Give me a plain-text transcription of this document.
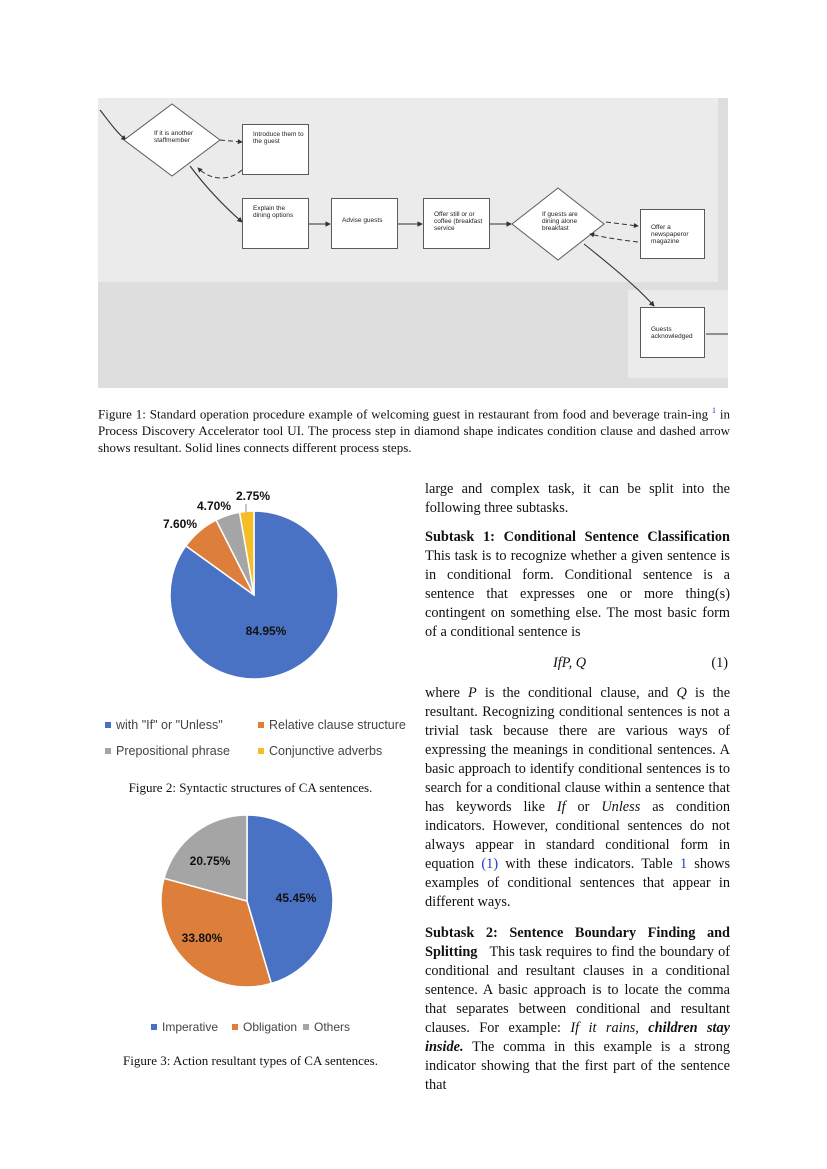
If it is another staffmember
Introduce them to the guest
Explain the dining options
Advise guests
Offer still or or coffee (breakfast service
If guests are dining alone breakfast	Offer a newspaperor magazine
Guests acknowledged
Figure 1: Standard operation procedure example of welcoming guest in restaurant from food and beverage train-ing $^1$ in Process Discovery Accelerator tool UI. The process step in diamond shape indicates condition clause and dashed arrow shows resultant. Solid lines connects different process steps.
84.95%
7.60%
4.70%
2.75%
with "If" or "Unless"	Relative clause structure
Prepositional phrase	Conjunctive adverbs
Figure 2: Syntactic structures of CA sentences.
45.45%
33.80%
20.75%
Imperative	Obligation	Others
Figure 3: Action resultant types of CA sentences.

large and complex task, it can be split into the following three subtasks.

Subtask 1: Conditional Sentence Classification This task is to recognize whether a given sentence is in conditional form. Conditional sentence is a sentence that expresses one or more thing(s) contingent on something else. The most basic form of a conditional sentence is

IfP, Q	(1)

where P is the conditional clause, and Q is the resultant. Recognizing conditional sentences is not a trivial task because there are various ways of expressing the meanings in conditional sentences. A basic approach to identify conditional sentences is to search for a conditional clause within a sentence that has keywords like If or Unless as condition indicators. However, conditional sentences do not always appear in standard conditional form in equation (1) with these indicators. Table 1 shows examples of conditional sentences that appear in different ways.

Subtask 2: Sentence Boundary Finding and Splitting This task requires to find the boundary of conditional and resultant clauses in a conditional sentence. A basic approach is to locate the comma that separates between conditional and resultant clauses. For example: If it rains, children stay inside. The comma in this example is a strong indicator showing that the first part of the sentence that
